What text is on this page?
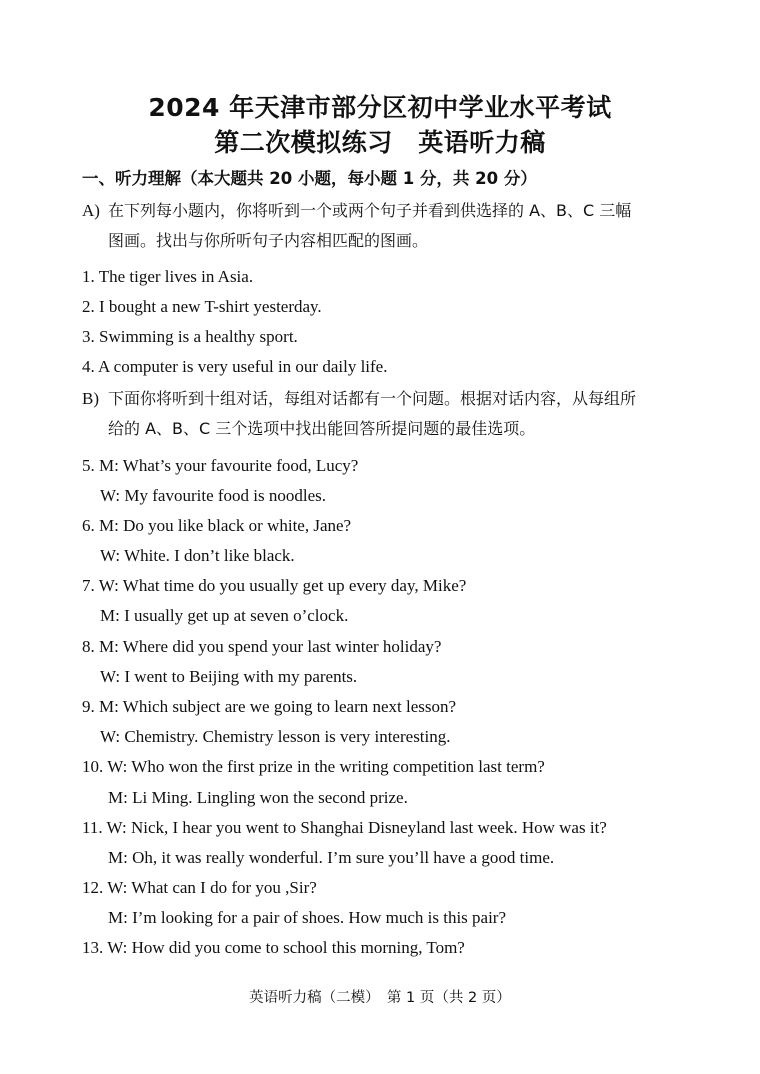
2024 年天津市部分区初中学业水平考试
第二次模拟练习　英语听力稿
一、听力理解（本大题共 20 小题，每小题 1 分，共 20 分）
A) 在下列每小题内，你将听到一个或两个句子并看到供选择的 A、B、C 三幅
图画。找出与你所听句子内容相匹配的图画。
1. The tiger lives in Asia.
2. I bought a new T-shirt yesterday.
3. Swimming is a healthy sport.
4. A computer is very useful in our daily life.
B) 下面你将听到十组对话，每组对话都有一个问题。根据对话内容，从每组所
给的 A、B、C 三个选项中找出能回答所提问题的最佳选项。
5. M: What’s your favourite food, Lucy?
W: My favourite food is noodles.
6. M: Do you like black or white, Jane?
W: White. I don’t like black.
7. W: What time do you usually get up every day, Mike?
M: I usually get up at seven o’clock.
8. M: Where did you spend your last winter holiday?
W: I went to Beijing with my parents.
9. M: Which subject are we going to learn next lesson?
W: Chemistry. Chemistry lesson is very interesting.
10. W: Who won the first prize in the writing competition last term?
M: Li Ming. Lingling won the second prize.
11. W: Nick, I hear you went to Shanghai Disneyland last week. How was it?
M: Oh, it was really wonderful. I’m sure you’ll have a good time.
12. W: What can I do for you ,Sir?
M: I’m looking for a pair of shoes. How much is this pair?
13. W: How did you come to school this morning, Tom?
英语听力稿（二模）　第 1 页（共 2 页）
